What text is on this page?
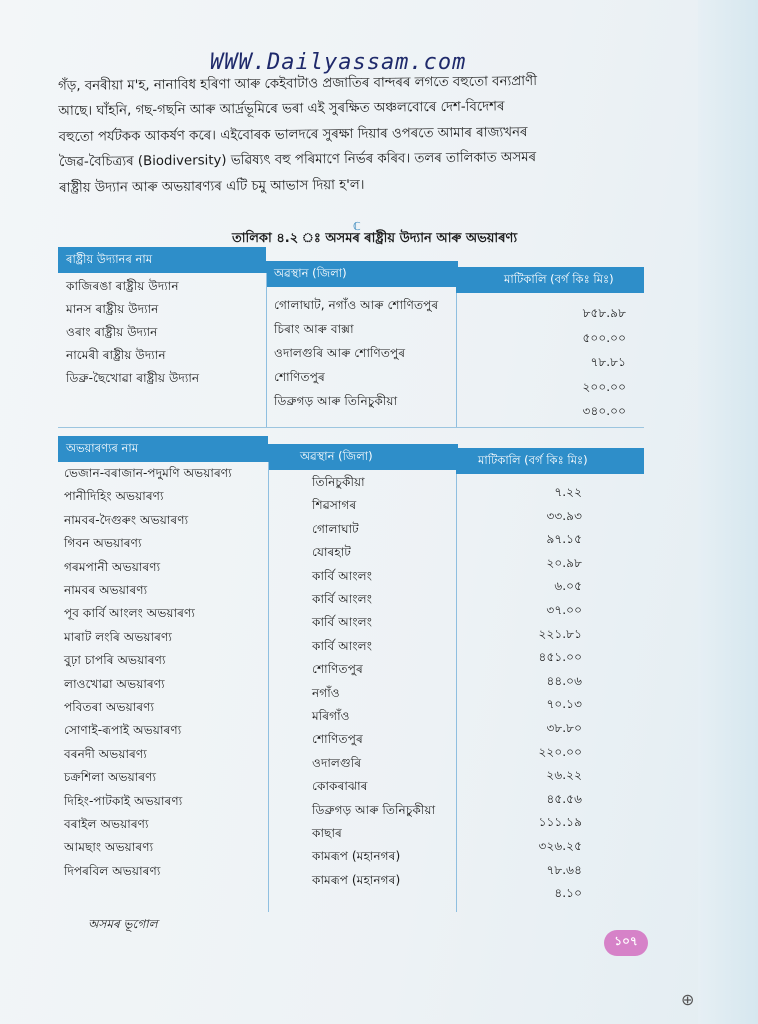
WWW.Dailyassam.com
গঁড়, বনৰীয়া ম'হ, নানাবিধ হৰিণা আৰু কেইবাটাও প্ৰজাতিৰ বান্দৰৰ লগতে বহুতো বন্যপ্ৰাণী
আছে। ঘাঁহনি, গছ-গছনি আৰু আৰ্দ্ৰভূমিৰে ভৰা এই সুৰক্ষিত অঞ্চলবোৰে দেশ-বিদেশৰ
বহুতো পৰ্যটকক আকৰ্ষণ কৰে। এইবোৰক ভালদৰে সুৰক্ষা দিয়াৰ ওপৰতে আমাৰ ৰাজ্যখনৰ
জৈৱ-বৈচিত্ৰ্যৰ (Biodiversity) ভৱিষ্যৎ বহু পৰিমাণে নিৰ্ভৰ কৰিব। তলৰ তালিকাত অসমৰ
ৰাষ্ট্ৰীয় উদ্যান আৰু অভয়াৰণ্যৰ এটি চমু আভাস দিয়া হ'ল।
ℂ
তালিকা ৪.২ ঃ অসমৰ ৰাষ্ট্ৰীয় উদ্যান আৰু অভয়াৰণ্য
ৰাষ্ট্ৰীয় উদ্যানৰ নাম
অৱস্থান (জিলা)	মাটিকালি (বৰ্গ কিঃ মিঃ)
কাজিৰঙা ৰাষ্ট্ৰীয় উদ্যান
গোলাঘাট, নগাঁও আৰু শোণিতপুৰ
৮৫৮.৯৮
মানস ৰাষ্ট্ৰীয় উদ্যান
চিৰাং আৰু বাক্সা
৫০০.০০
ওৰাং ৰাষ্ট্ৰীয় উদ্যান
ওদালগুৰি আৰু শোণিতপুৰ
৭৮.৮১
নামেৰী ৰাষ্ট্ৰীয় উদ্যান
শোণিতপুৰ
২০০.০০
ডিব্ৰু-ছৈখোৱা ৰাষ্ট্ৰীয় উদ্যান
ডিব্ৰুগড় আৰু তিনিচুকীয়া
৩৪০.০০
অভয়াৰণ্যৰ নাম
অৱস্থান (জিলা)	মাটিকালি (বৰ্গ কিঃ মিঃ)
ভেজান-বৰাজান-পদুমণি অভয়াৰণ্য
তিনিচুকীয়া
৭.২২
পানীদিহিং অভয়াৰণ্য
শিৱসাগৰ
৩৩.৯৩
নামবৰ-দৈগুৰুং অভয়াৰণ্য
গোলাঘাট
৯৭.১৫
গিবন অভয়াৰণ্য
যোৰহাট
২০.৯৮
গৰমপানী অভয়াৰণ্য
কাৰ্বি আংলং
৬.০৫
নামবৰ অভয়াৰণ্য
কাৰ্বি আংলং
৩৭.০০
পূব কাৰ্বি আংলং অভয়াৰণ্য
কাৰ্বি আংলং
২২১.৮১
মাৰাট লংৰি অভয়াৰণ্য
কাৰ্বি আংলং
৪৫১.০০
বুঢ়া চাপৰি অভয়াৰণ্য
শোণিতপুৰ
৪৪.০৬
লাওখোৱা অভয়াৰণ্য
নগাঁও
৭০.১৩
পবিতৰা অভয়াৰণ্য
মৰিগাঁও
৩৮.৮০
সোণাই-ৰূপাই অভয়াৰণ্য
শোণিতপুৰ
২২০.০০
বৰনদী অভয়াৰণ্য
ওদালগুৰি
২৬.২২
চক্ৰশিলা অভয়াৰণ্য
কোকৰাঝাৰ
৪৫.৫৬
দিহিং-পাটকাই অভয়াৰণ্য
ডিব্ৰুগড় আৰু তিনিচুকীয়া
১১১.১৯
বৰাইল অভয়াৰণ্য
কাছাৰ
৩২৬.২৫
আমছাং অভয়াৰণ্য
কামৰূপ (মহানগৰ)
৭৮.৬৪
দিপৰবিল অভয়াৰণ্য
কামৰূপ (মহানগৰ)
৪.১০
অসমৰ ভূগোল
১০৭
⊕
